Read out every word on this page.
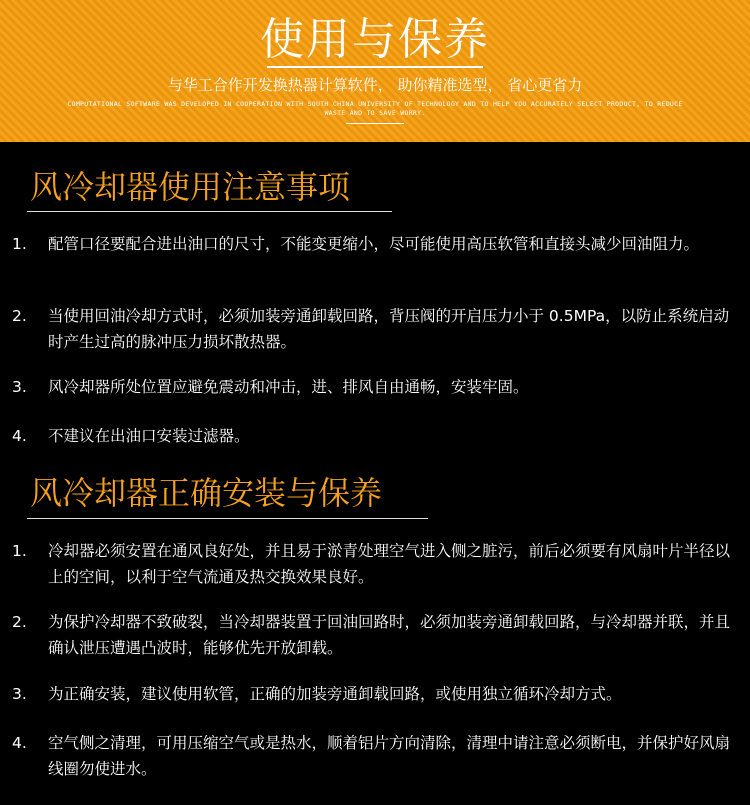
使用与保养
与华工合作开发换热器计算软件， 助你精准选型， 省心更省力
COMPUTATIONAL SOFTWARE WAS DEVELOPED IN COOPERATION WITH SOUTH CHINA UNIVERSITY OF TECHNOLOGY AND TO HELP YOU ACCURATELY SELECT PRODUCT, TO REDUCE WASTE AND TO SAVE WORRY.
风冷却器使用注意事项
1. 配管口径要配合进出油口的尺寸，不能变更缩小，尽可能使用高压软管和直接头减少回油阻力。
2. 当使用回油冷却方式时，必须加装旁通卸载回路，背压阀的开启压力小于 0.5MPa，以防止系统启动时产生过高的脉冲压力损坏散热器。
3. 风冷却器所处位置应避免震动和冲击，进、排风自由通畅，安装牢固。
4. 不建议在出油口安装过滤器。
风冷却器正确安装与保养
1. 冷却器必须安置在通风良好处，并且易于淤青处理空气进入侧之脏污，前后必须要有风扇叶片半径以上的空间，以利于空气流通及热交换效果良好。
2. 为保护冷却器不致破裂，当冷却器装置于回油回路时，必须加装旁通卸载回路，与冷却器并联，并且确认泄压遭遇凸波时，能够优先开放卸载。
3. 为正确安装，建议使用软管，正确的加装旁通卸载回路，或使用独立循环冷却方式。
4. 空气侧之清理，可用压缩空气或是热水，顺着铝片方向清除，清理中请注意必须断电，并保护好风扇线圈勿使进水。
